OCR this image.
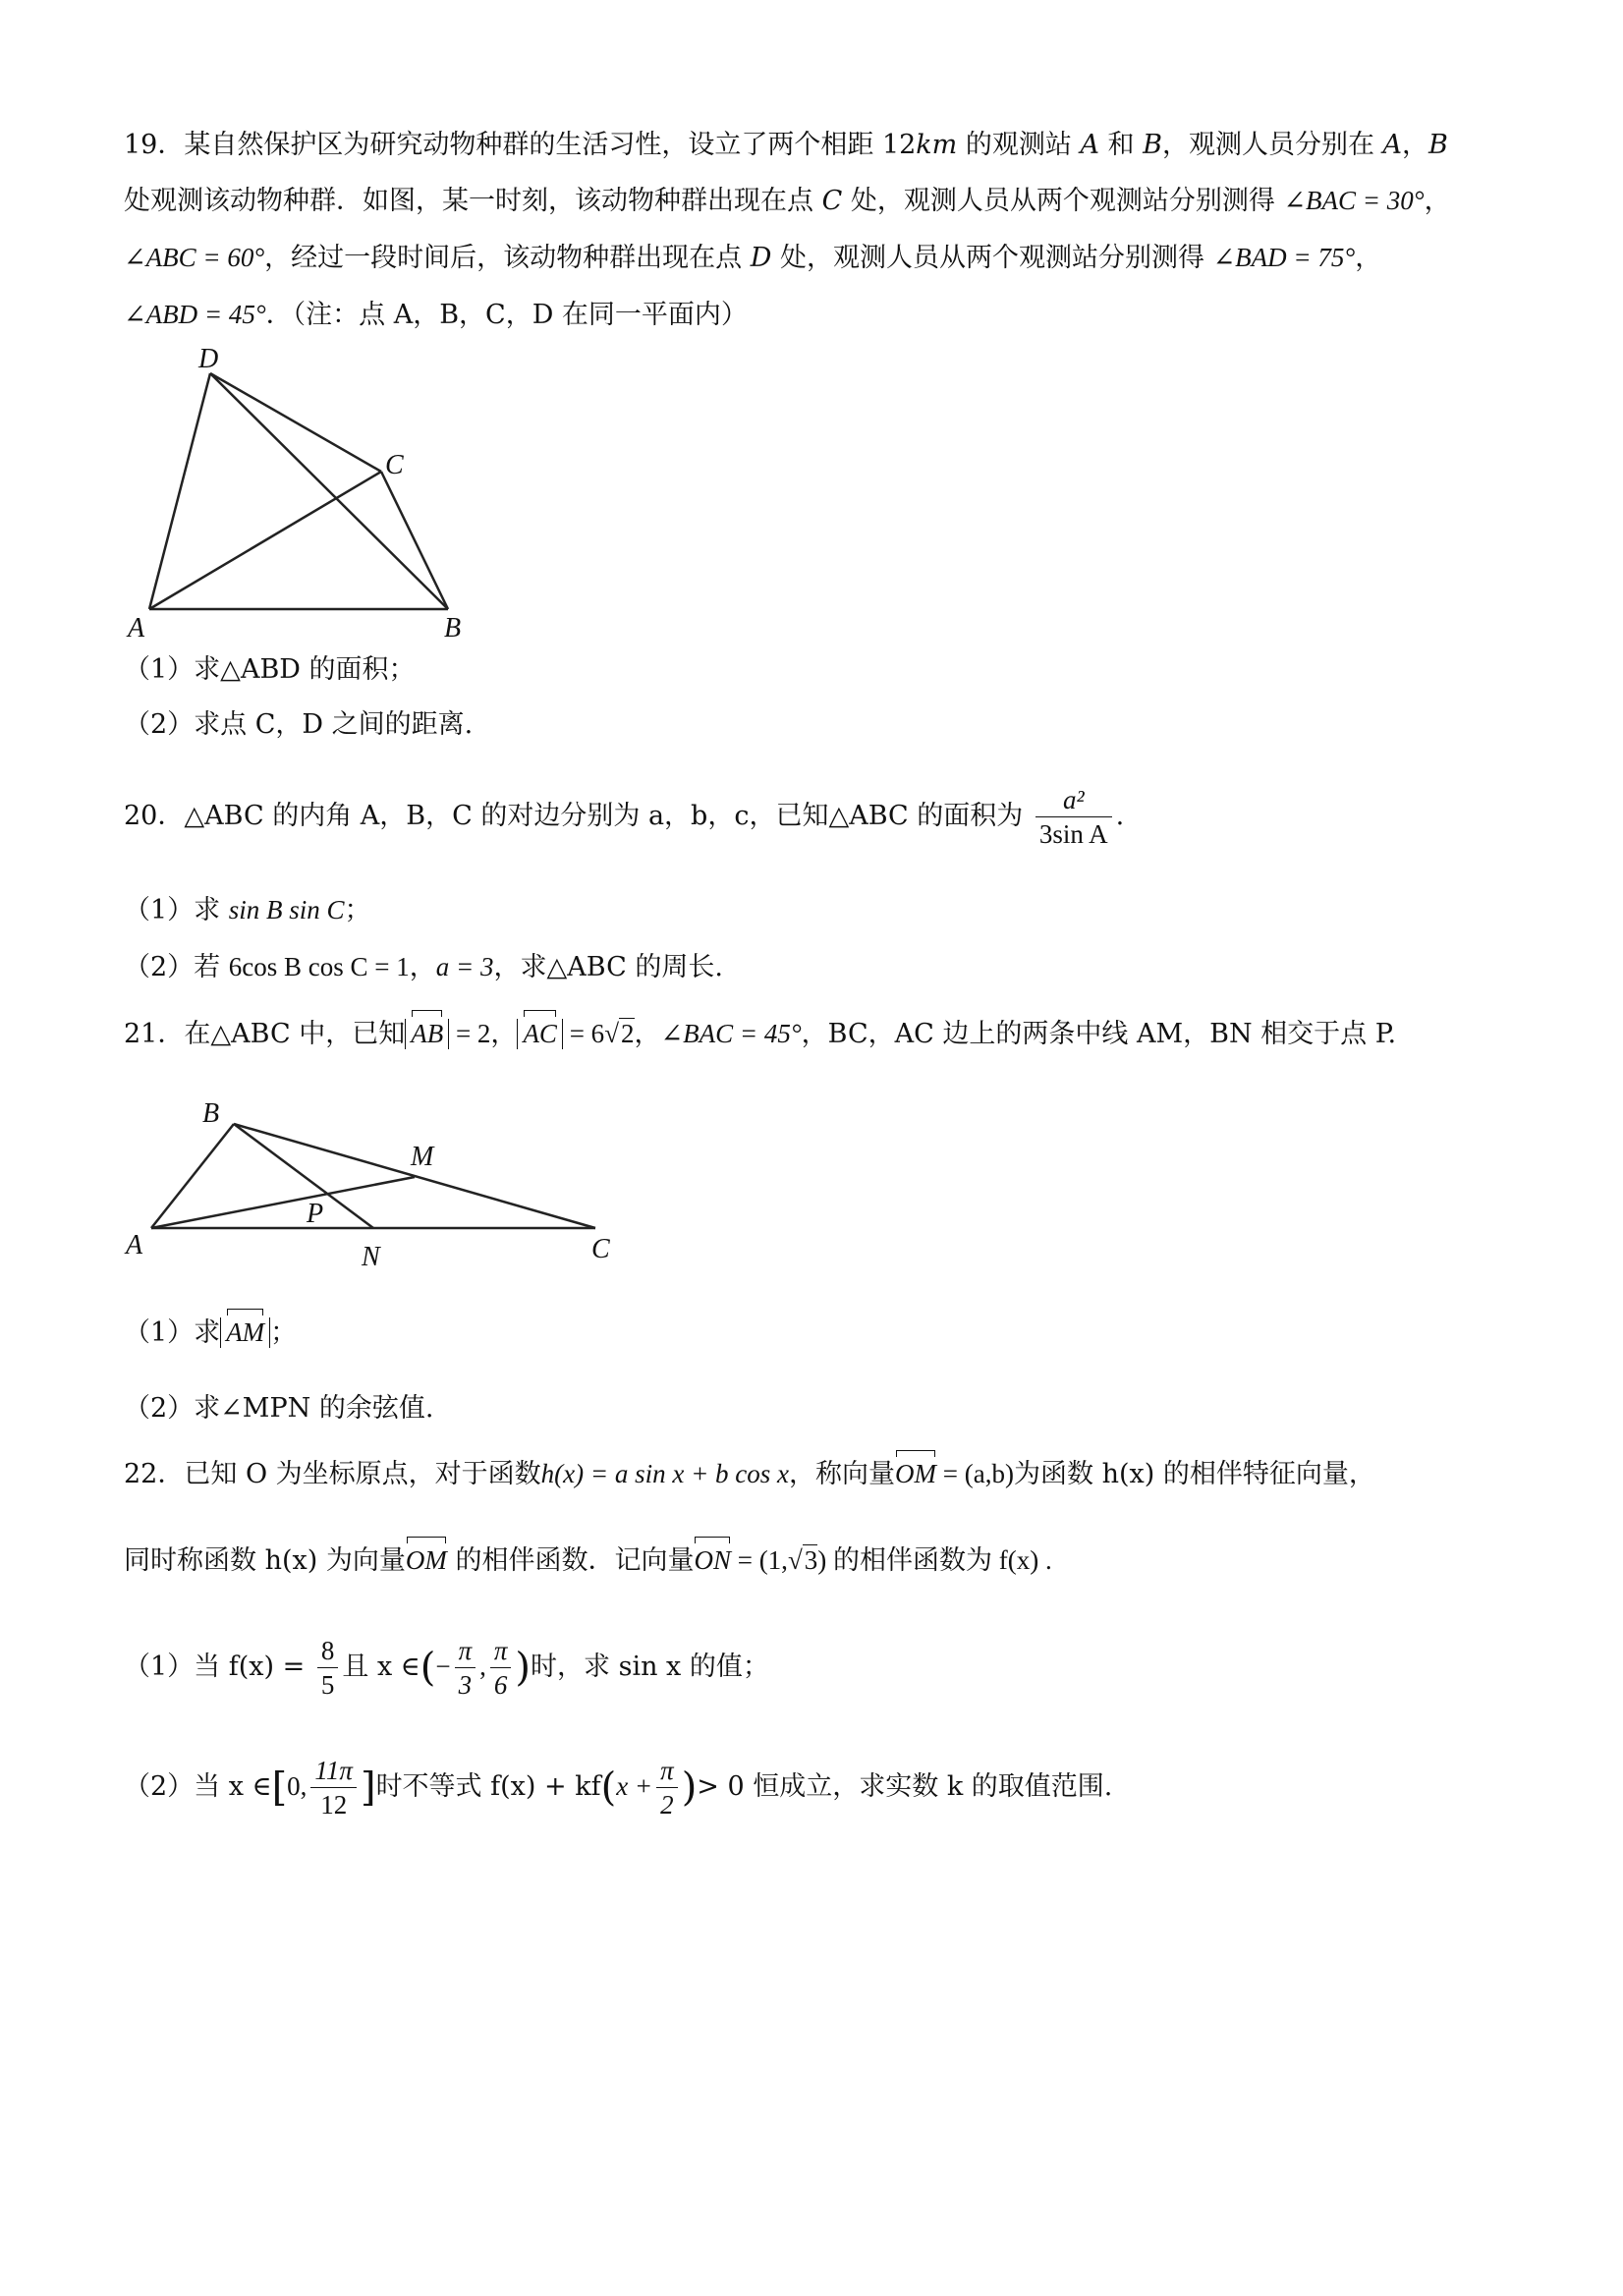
19．某自然保护区为研究动物种群的生活习性，设立了两个相距 12km 的观测站 A 和 B，观测人员分别在 A，B
处观测该动物种群．如图，某一时刻，该动物种群出现在点 C 处，观测人员从两个观测站分别测得 ∠BAC = 30°，
∠ABC = 60°，经过一段时间后，该动物种群出现在点 D 处，观测人员从两个观测站分别测得 ∠BAD = 75°，
∠ABD = 45°．（注：点 A，B，C，D 在同一平面内）
D
C
A	B
（1）求△ABD 的面积；
（2）求点 C，D 之间的距离.
20．△ABC 的内角 A，B，C 的对边分别为 a，b，c，已知△ABC 的面积为 $\frac{\text{a²}}{\text{3sin A}}$ .
（1）求 sin B sin C；
（2）若 6cos B cos C = 1，a = 3，求△ABC 的周长.
21．在△ABC 中，已知 AB = 2， AC = 6√2，∠BAC = 45°，BC，AC 边上的两条中线 AM，BN 相交于点 P.
B
M
P
A	N	C
（1）求 AM ；
（2）求∠MPN 的余弦值.
22．已知 O 为坐标原点，对于函数h(x) = a sin x + b cos x，称向量OM = (a,b)为函数 h(x) 的相伴特征向量，
同时称函数 h(x) 为向量OM 的相伴函数．记向量ON = (1,√3) 的相伴函数为 f(x) .
（1）当 $f(x) = \frac{8}{5}$ 且 x ∈(− $\frac{\pi}{3}$ , $\frac{\pi}{6}$ )时，求 sin x 的值；
（2）当 x ∈[0, $\frac{11\pi}{12}$ ]时不等式 $f(x) + kf(x + \frac{\pi}{2}$ )> 0 恒成立，求实数 k 的取值范围.
